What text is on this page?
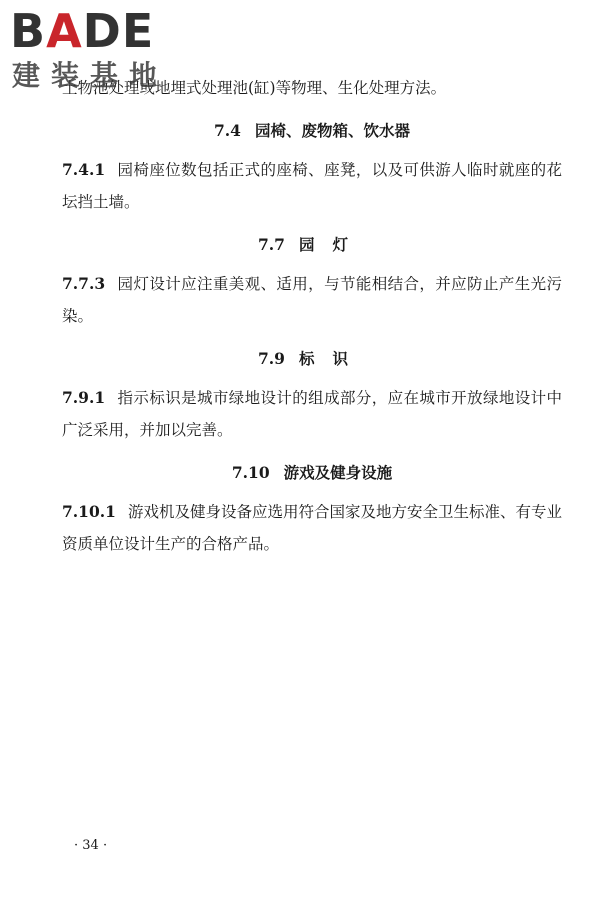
BADE
建装基地

土物池处理或地埋式处理池(缸)等物理、生化处理方法。

7.4 园椅、废物箱、饮水器

7.4.1 园椅座位数包括正式的座椅、座凳，以及可供游人临时就座的花坛挡土墙。

7.7 园灯

7.7.3 园灯设计应注重美观、适用，与节能相结合，并应防止产生光污染。

7.9 标识

7.9.1 指示标识是城市绿地设计的组成部分，应在城市开放绿地设计中广泛采用，并加以完善。

7.10 游戏及健身设施

7.10.1 游戏机及健身设备应选用符合国家及地方安全卫生标准、有专业资质单位设计生产的合格产品。

· 34 ·
